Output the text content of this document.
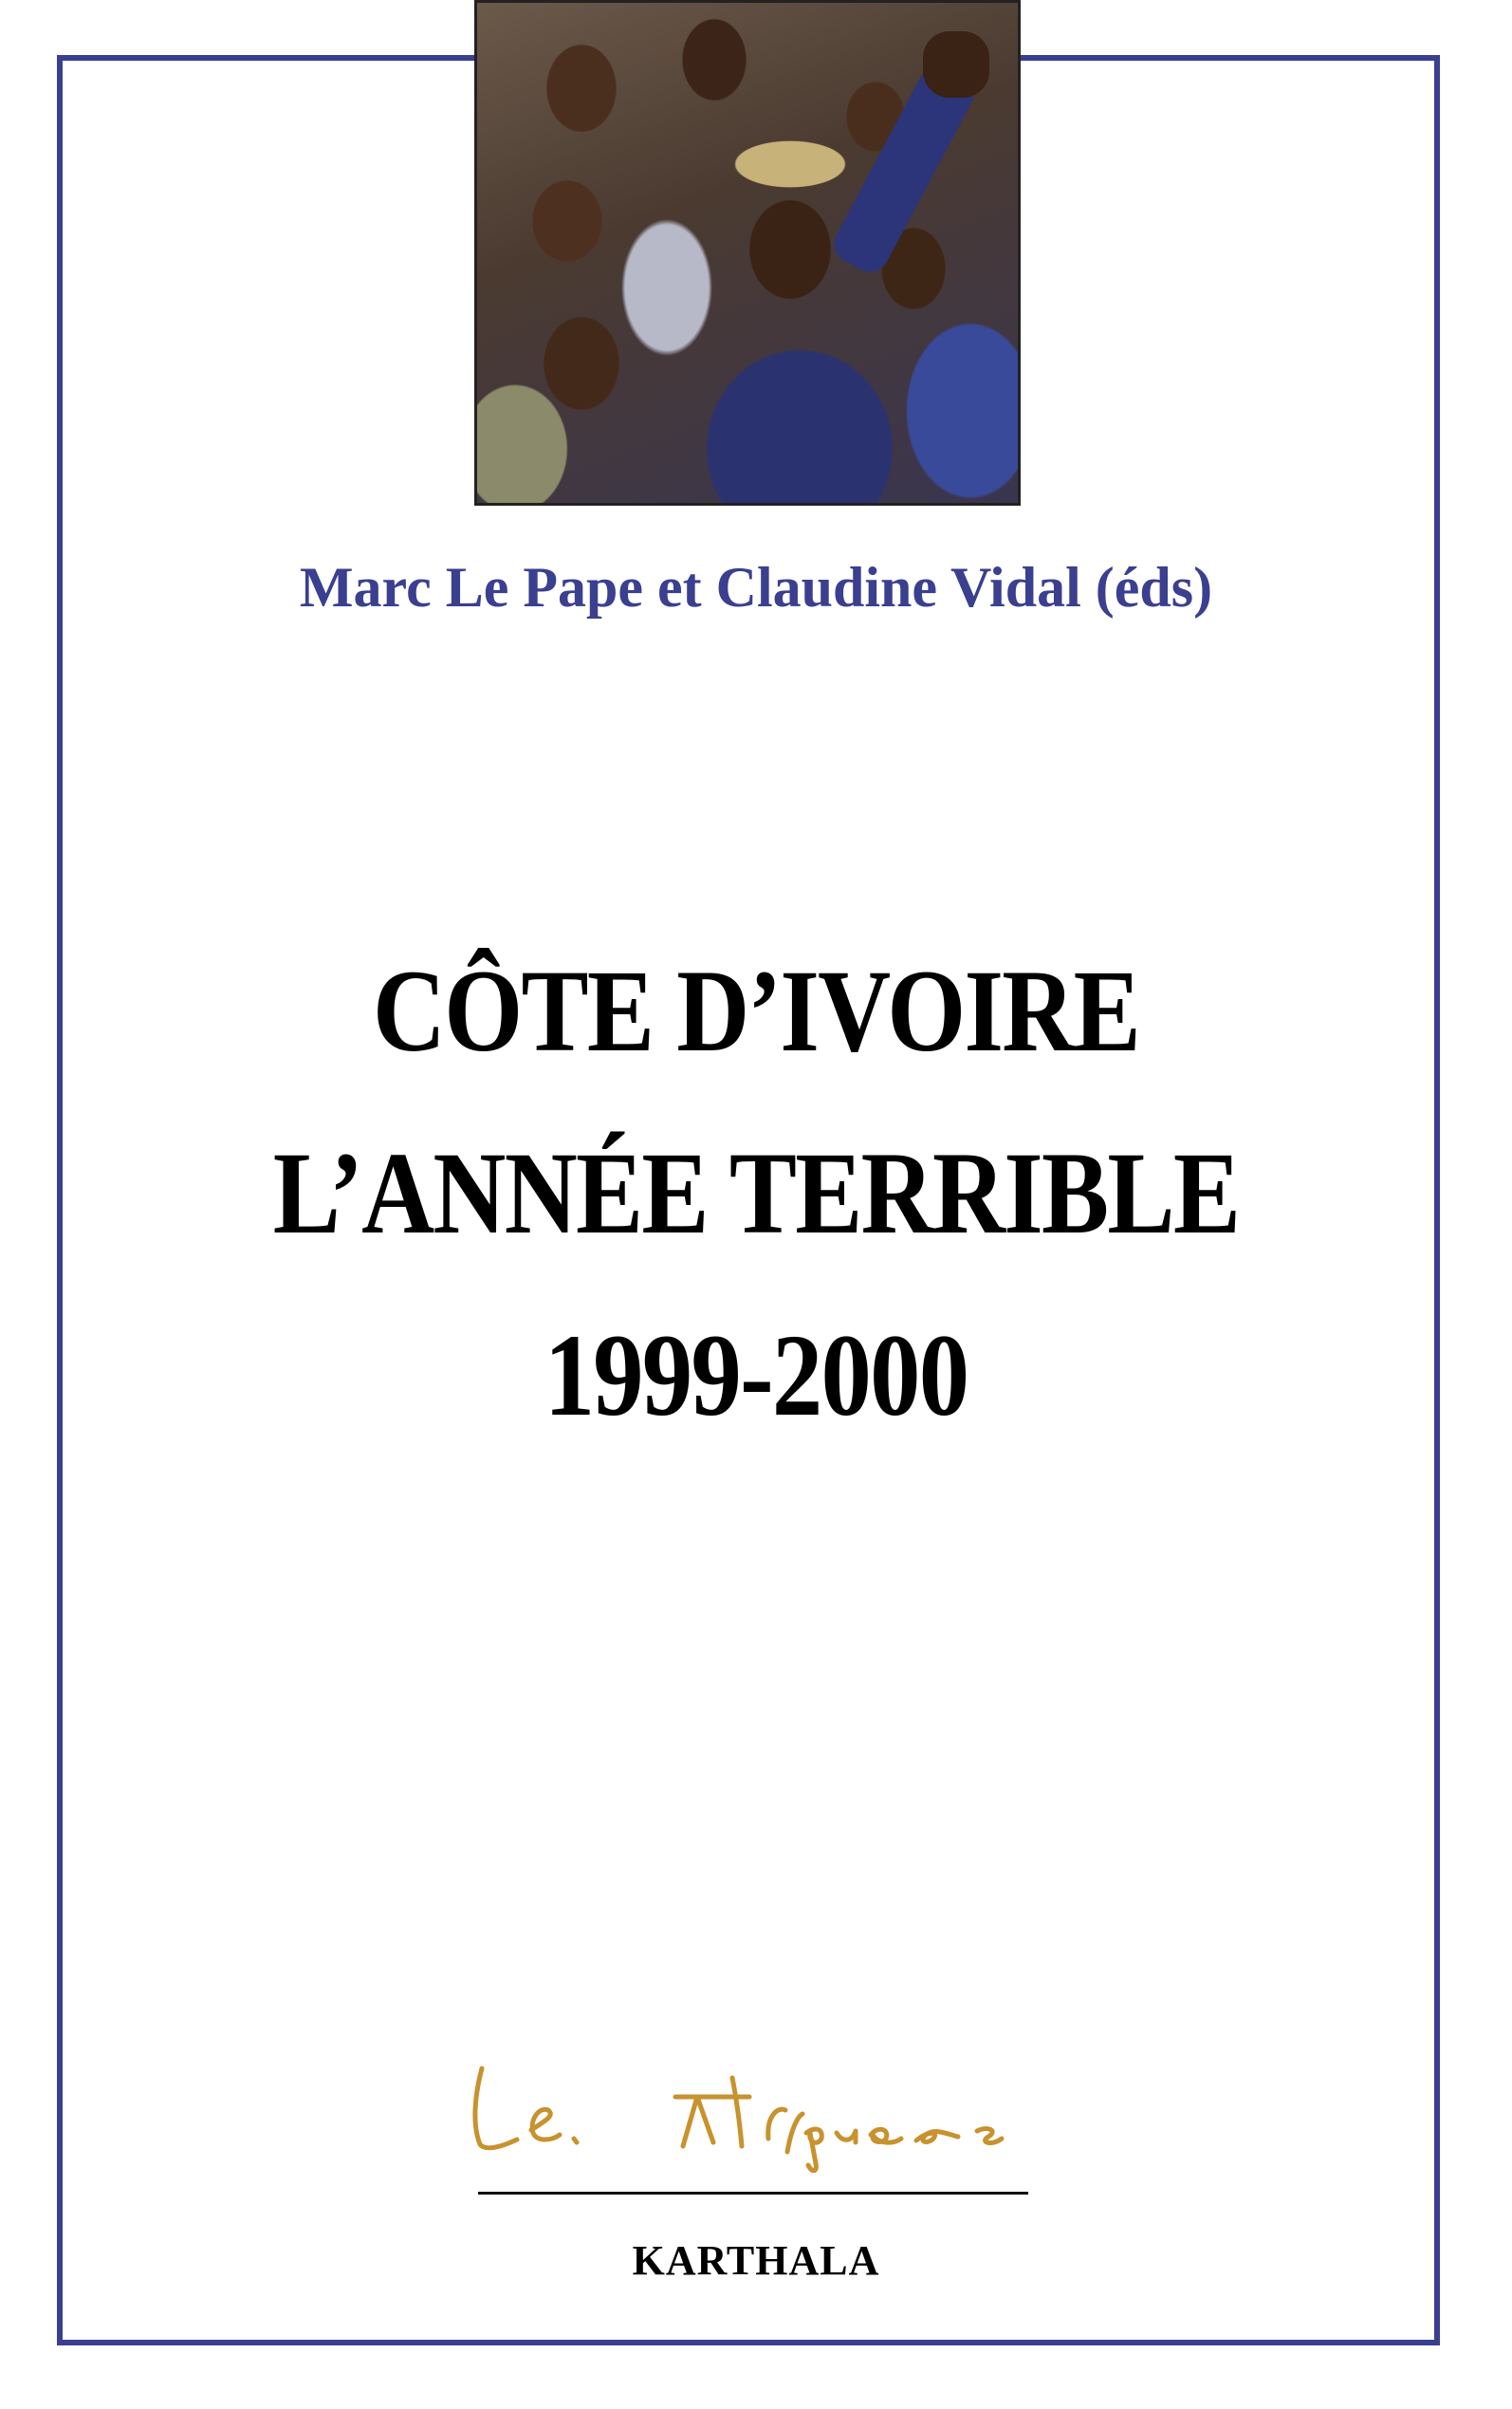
Marc Le Pape et Claudine Vidal (éds)
CÔTE D’IVOIRE
L’ANNÉE TERRIBLE
1999-2000
Les Afriques
KARTHALA
